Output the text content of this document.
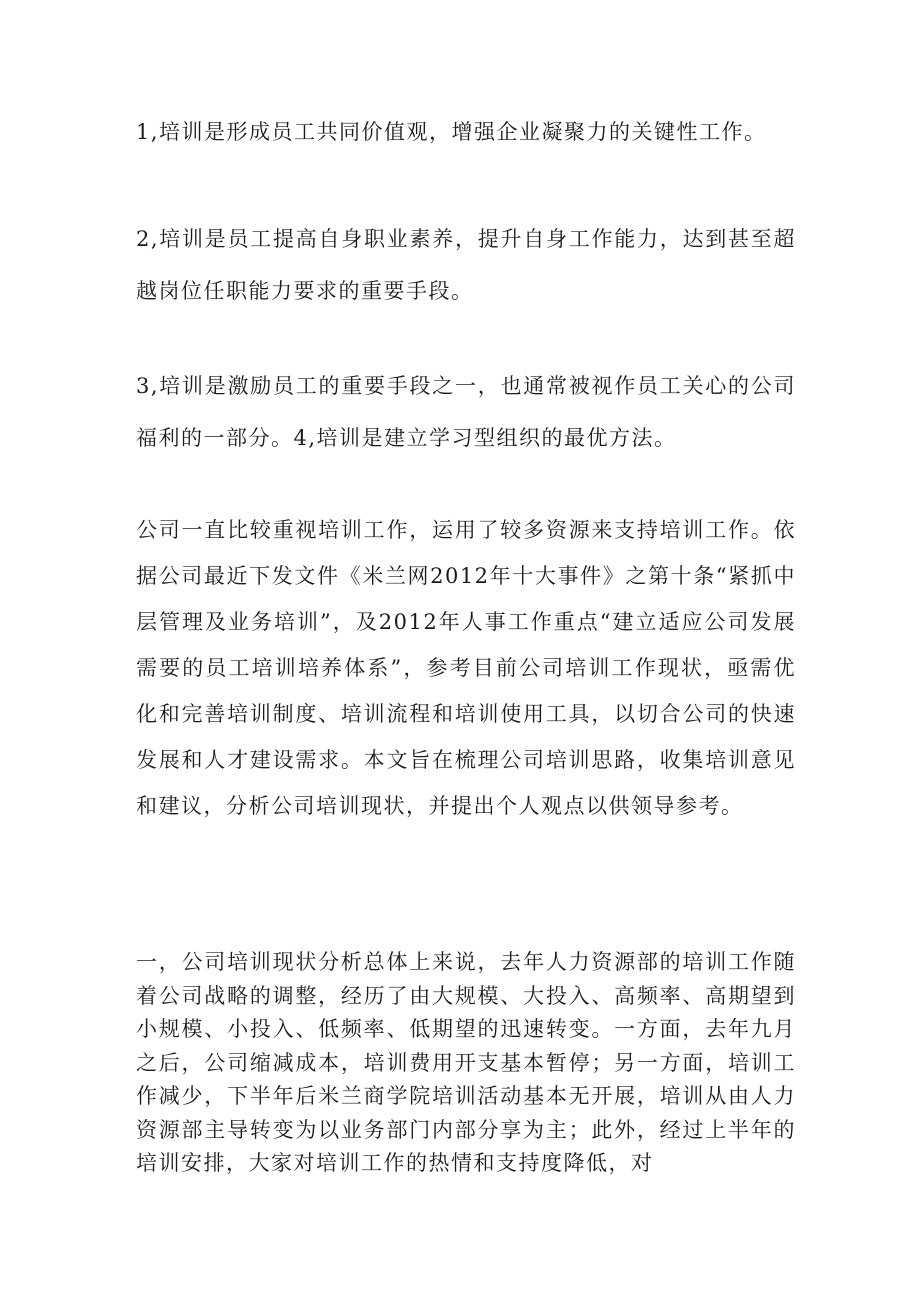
1,培训是形成员工共同价值观，增强企业凝聚力的关键性工作。

2,培训是员工提高自身职业素养，提升自身工作能力，达到甚至超越岗位任职能力要求的重要手段。

3,培训是激励员工的重要手段之一，也通常被视作员工关心的公司福利的一部分。4,培训是建立学习型组织的最优方法。

公司一直比较重视培训工作，运用了较多资源来支持培训工作。依据公司最近下发文件《米兰网2012年十大事件》之第十条“紧抓中层管理及业务培训”，及2012年人事工作重点“建立适应公司发展需要的员工培训培养体系”，参考目前公司培训工作现状，亟需优化和完善培训制度、培训流程和培训使用工具，以切合公司的快速发展和人才建设需求。本文旨在梳理公司培训思路，收集培训意见和建议，分析公司培训现状，并提出个人观点以供领导参考。

一，公司培训现状分析总体上来说，去年人力资源部的培训工作随着公司战略的调整，经历了由大规模、大投入、高频率、高期望到小规模、小投入、低频率、低期望的迅速转变。一方面，去年九月之后，公司缩减成本，培训费用开支基本暂停；另一方面，培训工作减少，下半年后米兰商学院培训活动基本无开展，培训从由人力资源部主导转变为以业务部门内部分享为主；此外，经过上半年的培训安排，大家对培训工作的热情和支持度降低，对
